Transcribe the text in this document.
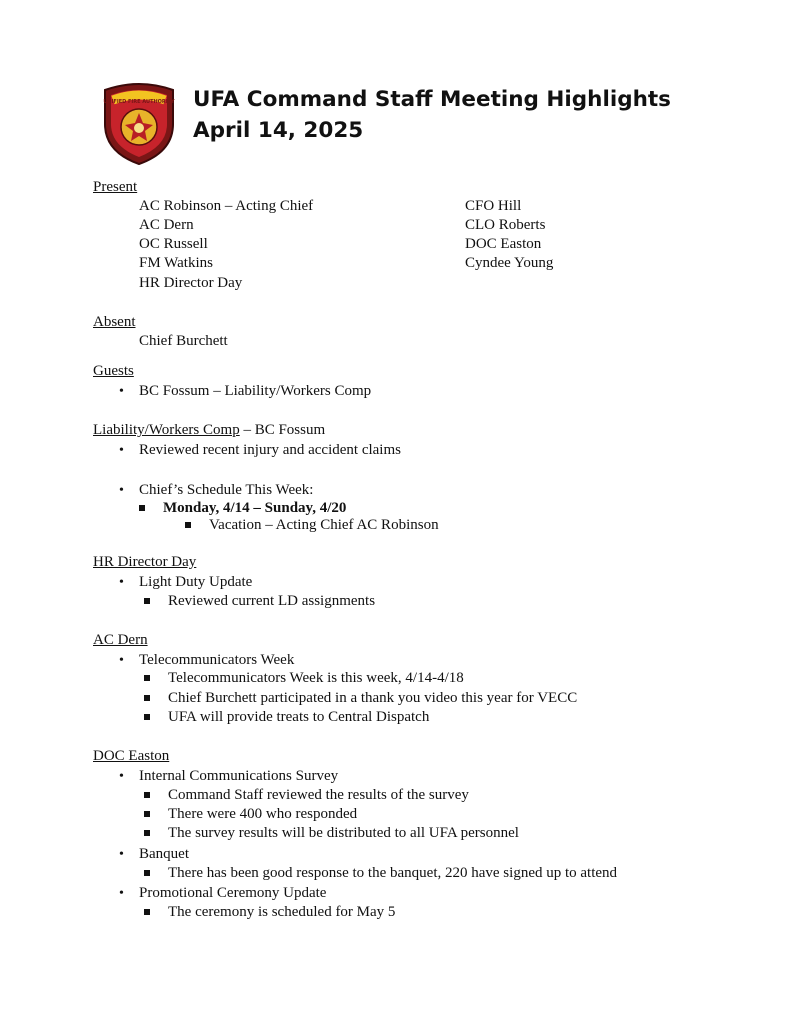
UNIFIED FIRE AUTHORITY UFA Command Staff Meeting Highlights
April 14, 2025
Present
AC Robinson – Acting Chief
AC Dern
OC Russell
FM Watkins
HR Director Day
CFO Hill
CLO Roberts
DOC Easton
Cyndee Young
Absent
Chief Burchett
Guests
• BC Fossum – Liability/Workers Comp
Liability/Workers Comp – BC Fossum
• Reviewed recent injury and accident claims
• Chief’s Schedule This Week:
Monday, 4/14 – Sunday, 4/20
Vacation – Acting Chief AC Robinson
HR Director Day
• Light Duty Update
Reviewed current LD assignments
AC Dern
• Telecommunicators Week
Telecommunicators Week is this week, 4/14-4/18
Chief Burchett participated in a thank you video this year for VECC
UFA will provide treats to Central Dispatch
DOC Easton
• Internal Communications Survey
Command Staff reviewed the results of the survey
There were 400 who responded
The survey results will be distributed to all UFA personnel
• Banquet
There has been good response to the banquet, 220 have signed up to attend
• Promotional Ceremony Update
The ceremony is scheduled for May 5
